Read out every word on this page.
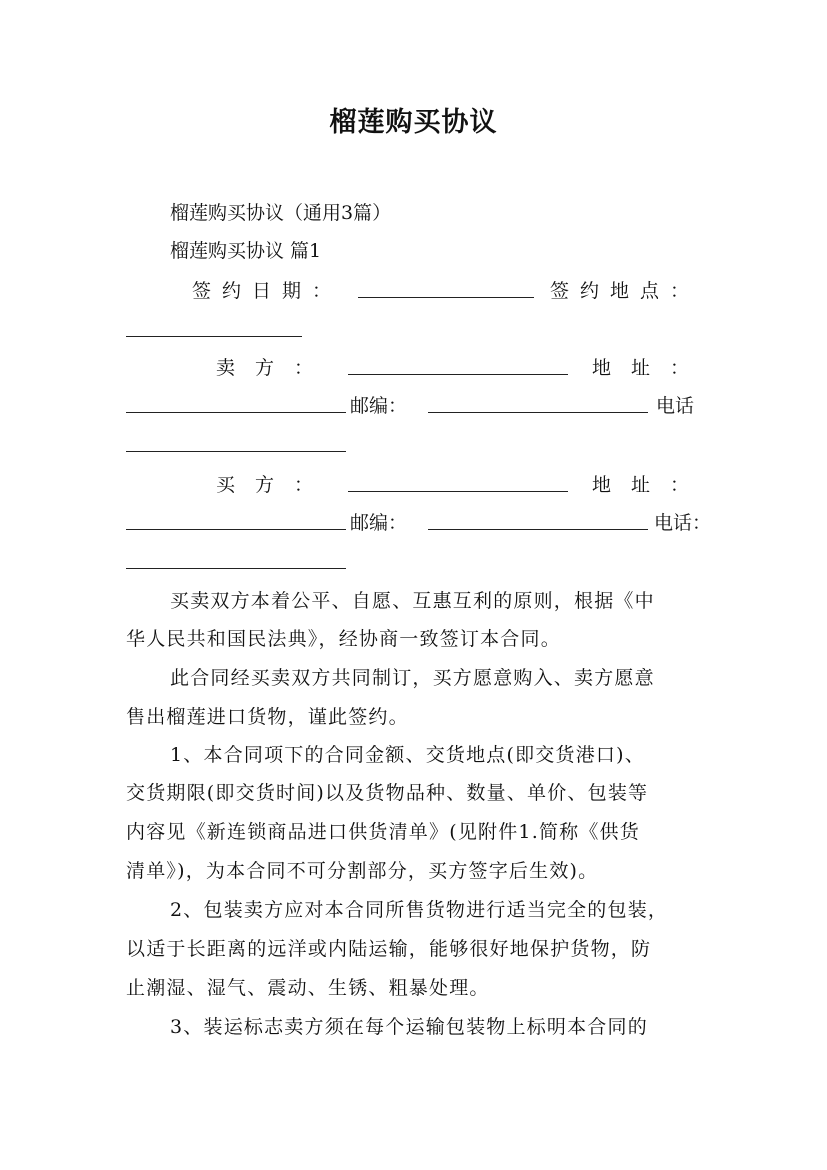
榴莲购买协议
榴莲购买协议（通用3篇）
榴莲购买协议 篇1
签约日期：	签约地点：
卖方：	地址：
邮编：	电话
买方：	地址：
邮编：	电话：
买卖双方本着公平、自愿、互惠互利的原则，根据《中
华人民共和国民法典》，经协商一致签订本合同。
此合同经买卖双方共同制订，买方愿意购入、卖方愿意
售出榴莲进口货物，谨此签约。
1、本合同项下的合同金额、交货地点(即交货港口)、
交货期限(即交货时间)以及货物品种、数量、单价、包装等
内容见《新连锁商品进口供货清单》(见附件1.简称《供货
清单》)，为本合同不可分割部分，买方签字后生效)。
2、包装卖方应对本合同所售货物进行适当完全的包装，
以适于长距离的远洋或内陆运输，能够很好地保护货物，防
止潮湿、湿气、震动、生锈、粗暴处理。
3、装运标志卖方须在每个运输包装物上标明本合同的
